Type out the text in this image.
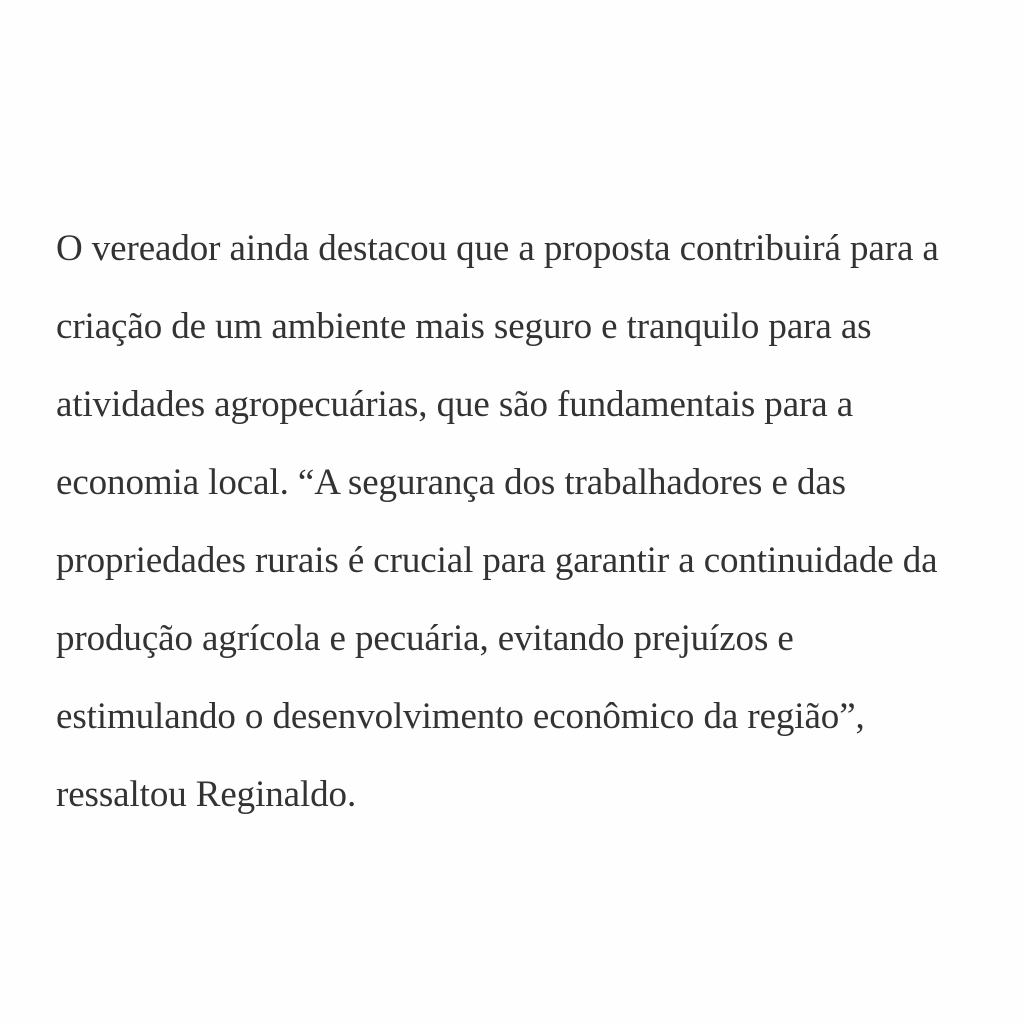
O vereador ainda destacou que a proposta contribuirá para a
criação de um ambiente mais seguro e tranquilo para as
atividades agropecuárias, que são fundamentais para a
economia local. “A segurança dos trabalhadores e das
propriedades rurais é crucial para garantir a continuidade da
produção agrícola e pecuária, evitando prejuízos e
estimulando o desenvolvimento econômico da região”,
ressaltou Reginaldo.
